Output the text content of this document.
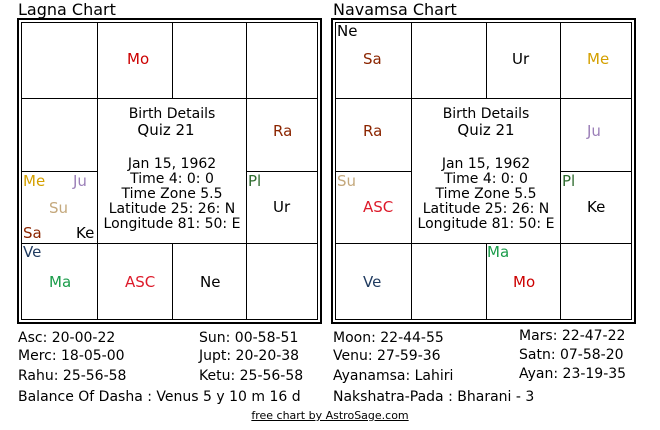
Lagna Chart
Birth Details
Quiz 21
Jan 15, 1962
Time 4: 0: 0
Time Zone 5.5
Latitude 25: 26: N
Longitude 81: 50: E
Mo
Ra
Me Ju
Su
Sa Ke
Pl
Ur
Ve
Ma	ASC	Ne
Navamsa Chart
Birth Details
Quiz 21
Jan 15, 1962
Time 4: 0: 0
Time Zone 5.5
Latitude 25: 26: N
Longitude 81: 50: E
Ne
Sa	Ur	Me
Ra	Ju
Su
ASC
Pl
Ke
Ma
Ve	Mo
Asc: 20-00-22	Sun: 00-58-51
Merc: 18-05-00	Jupt: 20-20-38
Rahu: 25-56-58	Ketu: 25-56-58
Balance Of Dasha : Venus 5 y 10 m 16 d
Moon: 22-44-55	Mars: 22-47-22
Venu: 27-59-36	Satn: 07-58-20
Ayanamsa: Lahiri	Ayan: 23-19-35
Nakshatra-Pada : Bharani - 3
free chart by AstroSage.com
